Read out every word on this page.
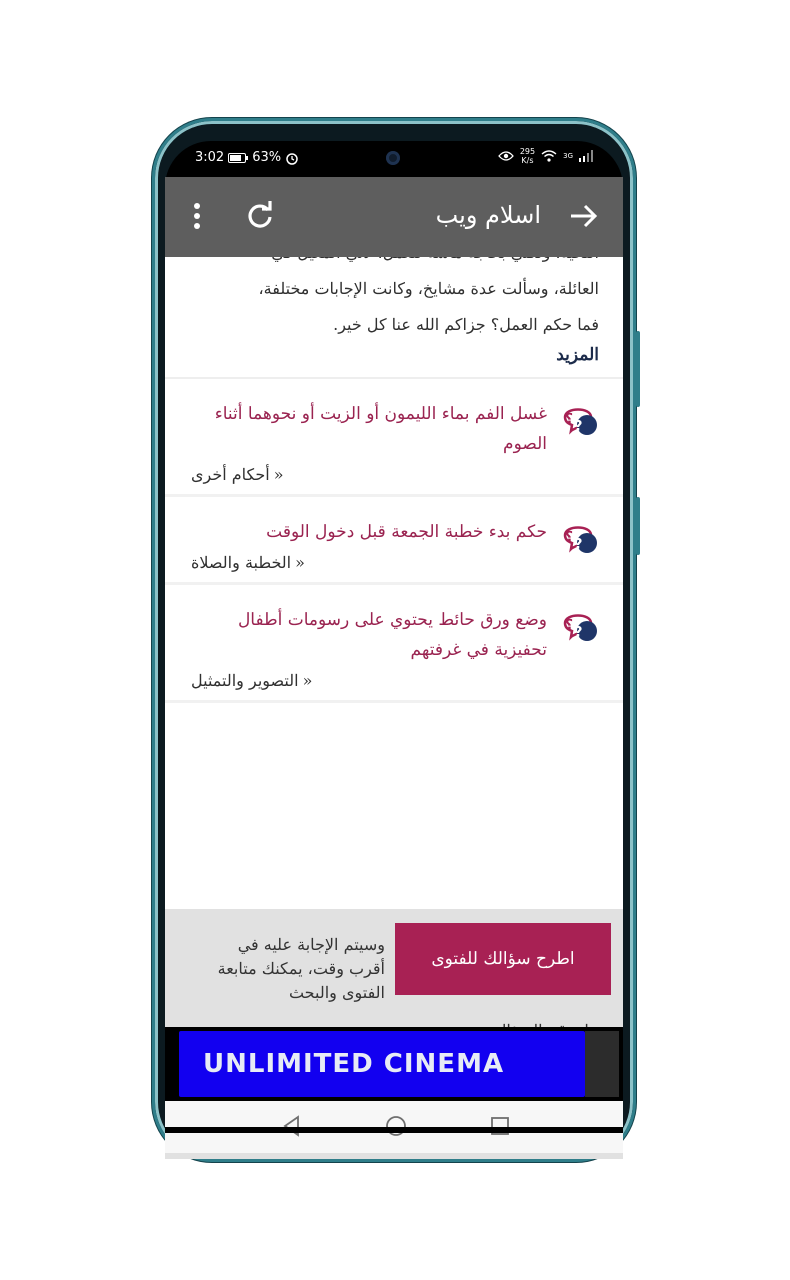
3:02 63%	295
K/s	3G
اسلام ويب
العائلة، وسألت عدة مشايخ، وكانت الإجابات مختلفة،
فما حكم العمل؟ جزاكم الله عنا كل خير.
المزيد
؟ ?
غسل الفم بماء الليمون أو الزيت أو نحوهما أثناء الصوم
أحكام أخرى »
؟ ?
حكم بدء خطبة الجمعة قبل دخول الوقت
الخطبة والصلاة »
؟ ?
وضع ورق حائط يحتوي على رسومات أطفال تحفيزية في غرفتهم
التصوير والتمثيل »
اطرح سؤالك للفتوى
وسيتم الإجابة عليه في أقرب وقت، يمكنك متابعة الفتوى والبحث
UNLIMITED CINEMA
